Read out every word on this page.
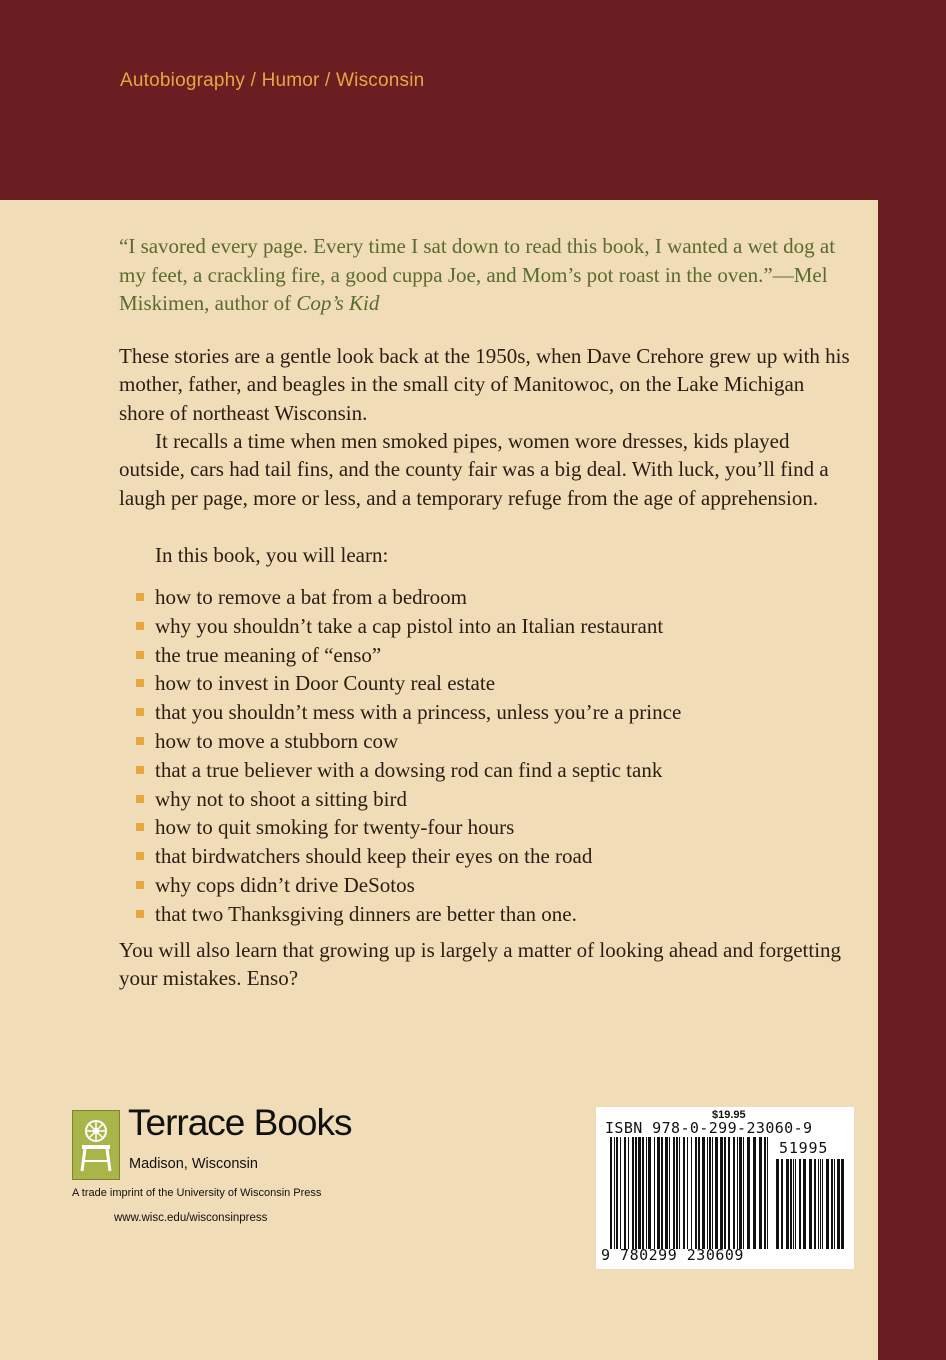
Autobiography / Humor / Wisconsin
“I savored every page. Every time I sat down to read this book, I wanted a wet dog at my feet, a crackling fire, a good cuppa Joe, and Mom’s pot roast in the oven.”—Mel Miskimen, author of Cop’s Kid

These stories are a gentle look back at the 1950s, when Dave Crehore grew up with his mother, father, and beagles in the small city of Manitowoc, on the Lake Michigan shore of northeast Wisconsin.

It recalls a time when men smoked pipes, women wore dresses, kids played outside, cars had tail fins, and the county fair was a big deal. With luck, you’ll find a laugh per page, more or less, and a temporary refuge from the age of apprehension.

In this book, you will learn:

how to remove a bat from a bedroom
why you shouldn’t take a cap pistol into an Italian restaurant
the true meaning of “enso”
how to invest in Door County real estate
that you shouldn’t mess with a princess, unless you’re a prince
how to move a stubborn cow
that a true believer with a dowsing rod can find a septic tank
why not to shoot a sitting bird
how to quit smoking for twenty-four hours
that birdwatchers should keep their eyes on the road
why cops didn’t drive DeSotos
that two Thanksgiving dinners are better than one.

You will also learn that growing up is largely a matter of looking ahead and forgetting your mistakes. Enso?

Terrace Books
Madison, Wisconsin
A trade imprint of the University of Wisconsin Press
www.wisc.edu/wisconsinpress
$19.95
ISBN 978-0-299-23060-9
51995
9 780299 230609
